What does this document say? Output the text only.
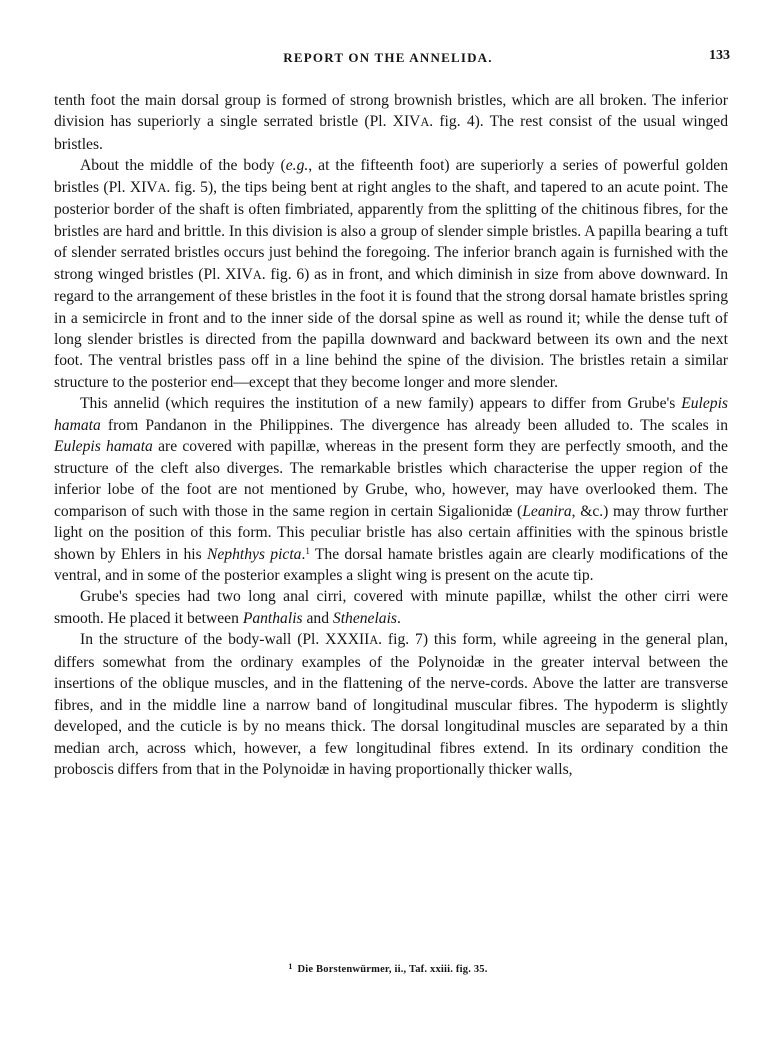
REPORT ON THE ANNELIDA.	133

tenth foot the main dorsal group is formed of strong brownish bristles, which are all broken. The inferior division has superiorly a single serrated bristle (Pl. XIVA. fig. 4). The rest consist of the usual winged bristles.

About the middle of the body (e.g., at the fifteenth foot) are superiorly a series of powerful golden bristles (Pl. XIVA. fig. 5), the tips being bent at right angles to the shaft, and tapered to an acute point. The posterior border of the shaft is often fimbriated, apparently from the splitting of the chitinous fibres, for the bristles are hard and brittle. In this division is also a group of slender simple bristles. A papilla bearing a tuft of slender serrated bristles occurs just behind the foregoing. The inferior branch again is furnished with the strong winged bristles (Pl. XIVA. fig. 6) as in front, and which diminish in size from above downward. In regard to the arrangement of these bristles in the foot it is found that the strong dorsal hamate bristles spring in a semicircle in front and to the inner side of the dorsal spine as well as round it; while the dense tuft of long slender bristles is directed from the papilla downward and backward between its own and the next foot. The ventral bristles pass off in a line behind the spine of the division. The bristles retain a similar structure to the posterior end—except that they become longer and more slender.

This annelid (which requires the institution of a new family) appears to differ from Grube's Eulepis hamata from Pandanon in the Philippines. The divergence has already been alluded to. The scales in Eulepis hamata are covered with papillæ, whereas in the present form they are perfectly smooth, and the structure of the cleft also diverges. The remarkable bristles which characterise the upper region of the inferior lobe of the foot are not mentioned by Grube, who, however, may have overlooked them. The comparison of such with those in the same region in certain Sigalionidæ (Leanira, &c.) may throw further light on the position of this form. This peculiar bristle has also certain affinities with the spinous bristle shown by Ehlers in his Nephthys picta.$^1$ The dorsal hamate bristles again are clearly modifications of the ventral, and in some of the posterior examples a slight wing is present on the acute tip.

Grube's species had two long anal cirri, covered with minute papillæ, whilst the other cirri were smooth. He placed it between Panthalis and Sthenelais.

In the structure of the body-wall (Pl. XXXIIA. fig. 7) this form, while agreeing in the general plan, differs somewhat from the ordinary examples of the Polynoidæ in the greater interval between the insertions of the oblique muscles, and in the flattening of the nerve-cords. Above the latter are transverse fibres, and in the middle line a narrow band of longitudinal muscular fibres. The hypoderm is slightly developed, and the cuticle is by no means thick. The dorsal longitudinal muscles are separated by a thin median arch, across which, however, a few longitudinal fibres extend. In its ordinary condition the proboscis differs from that in the Polynoidæ in having proportionally thicker walls,

$^1$ Die Borstenwürmer, ii., Taf. xxiii. fig. 35.
